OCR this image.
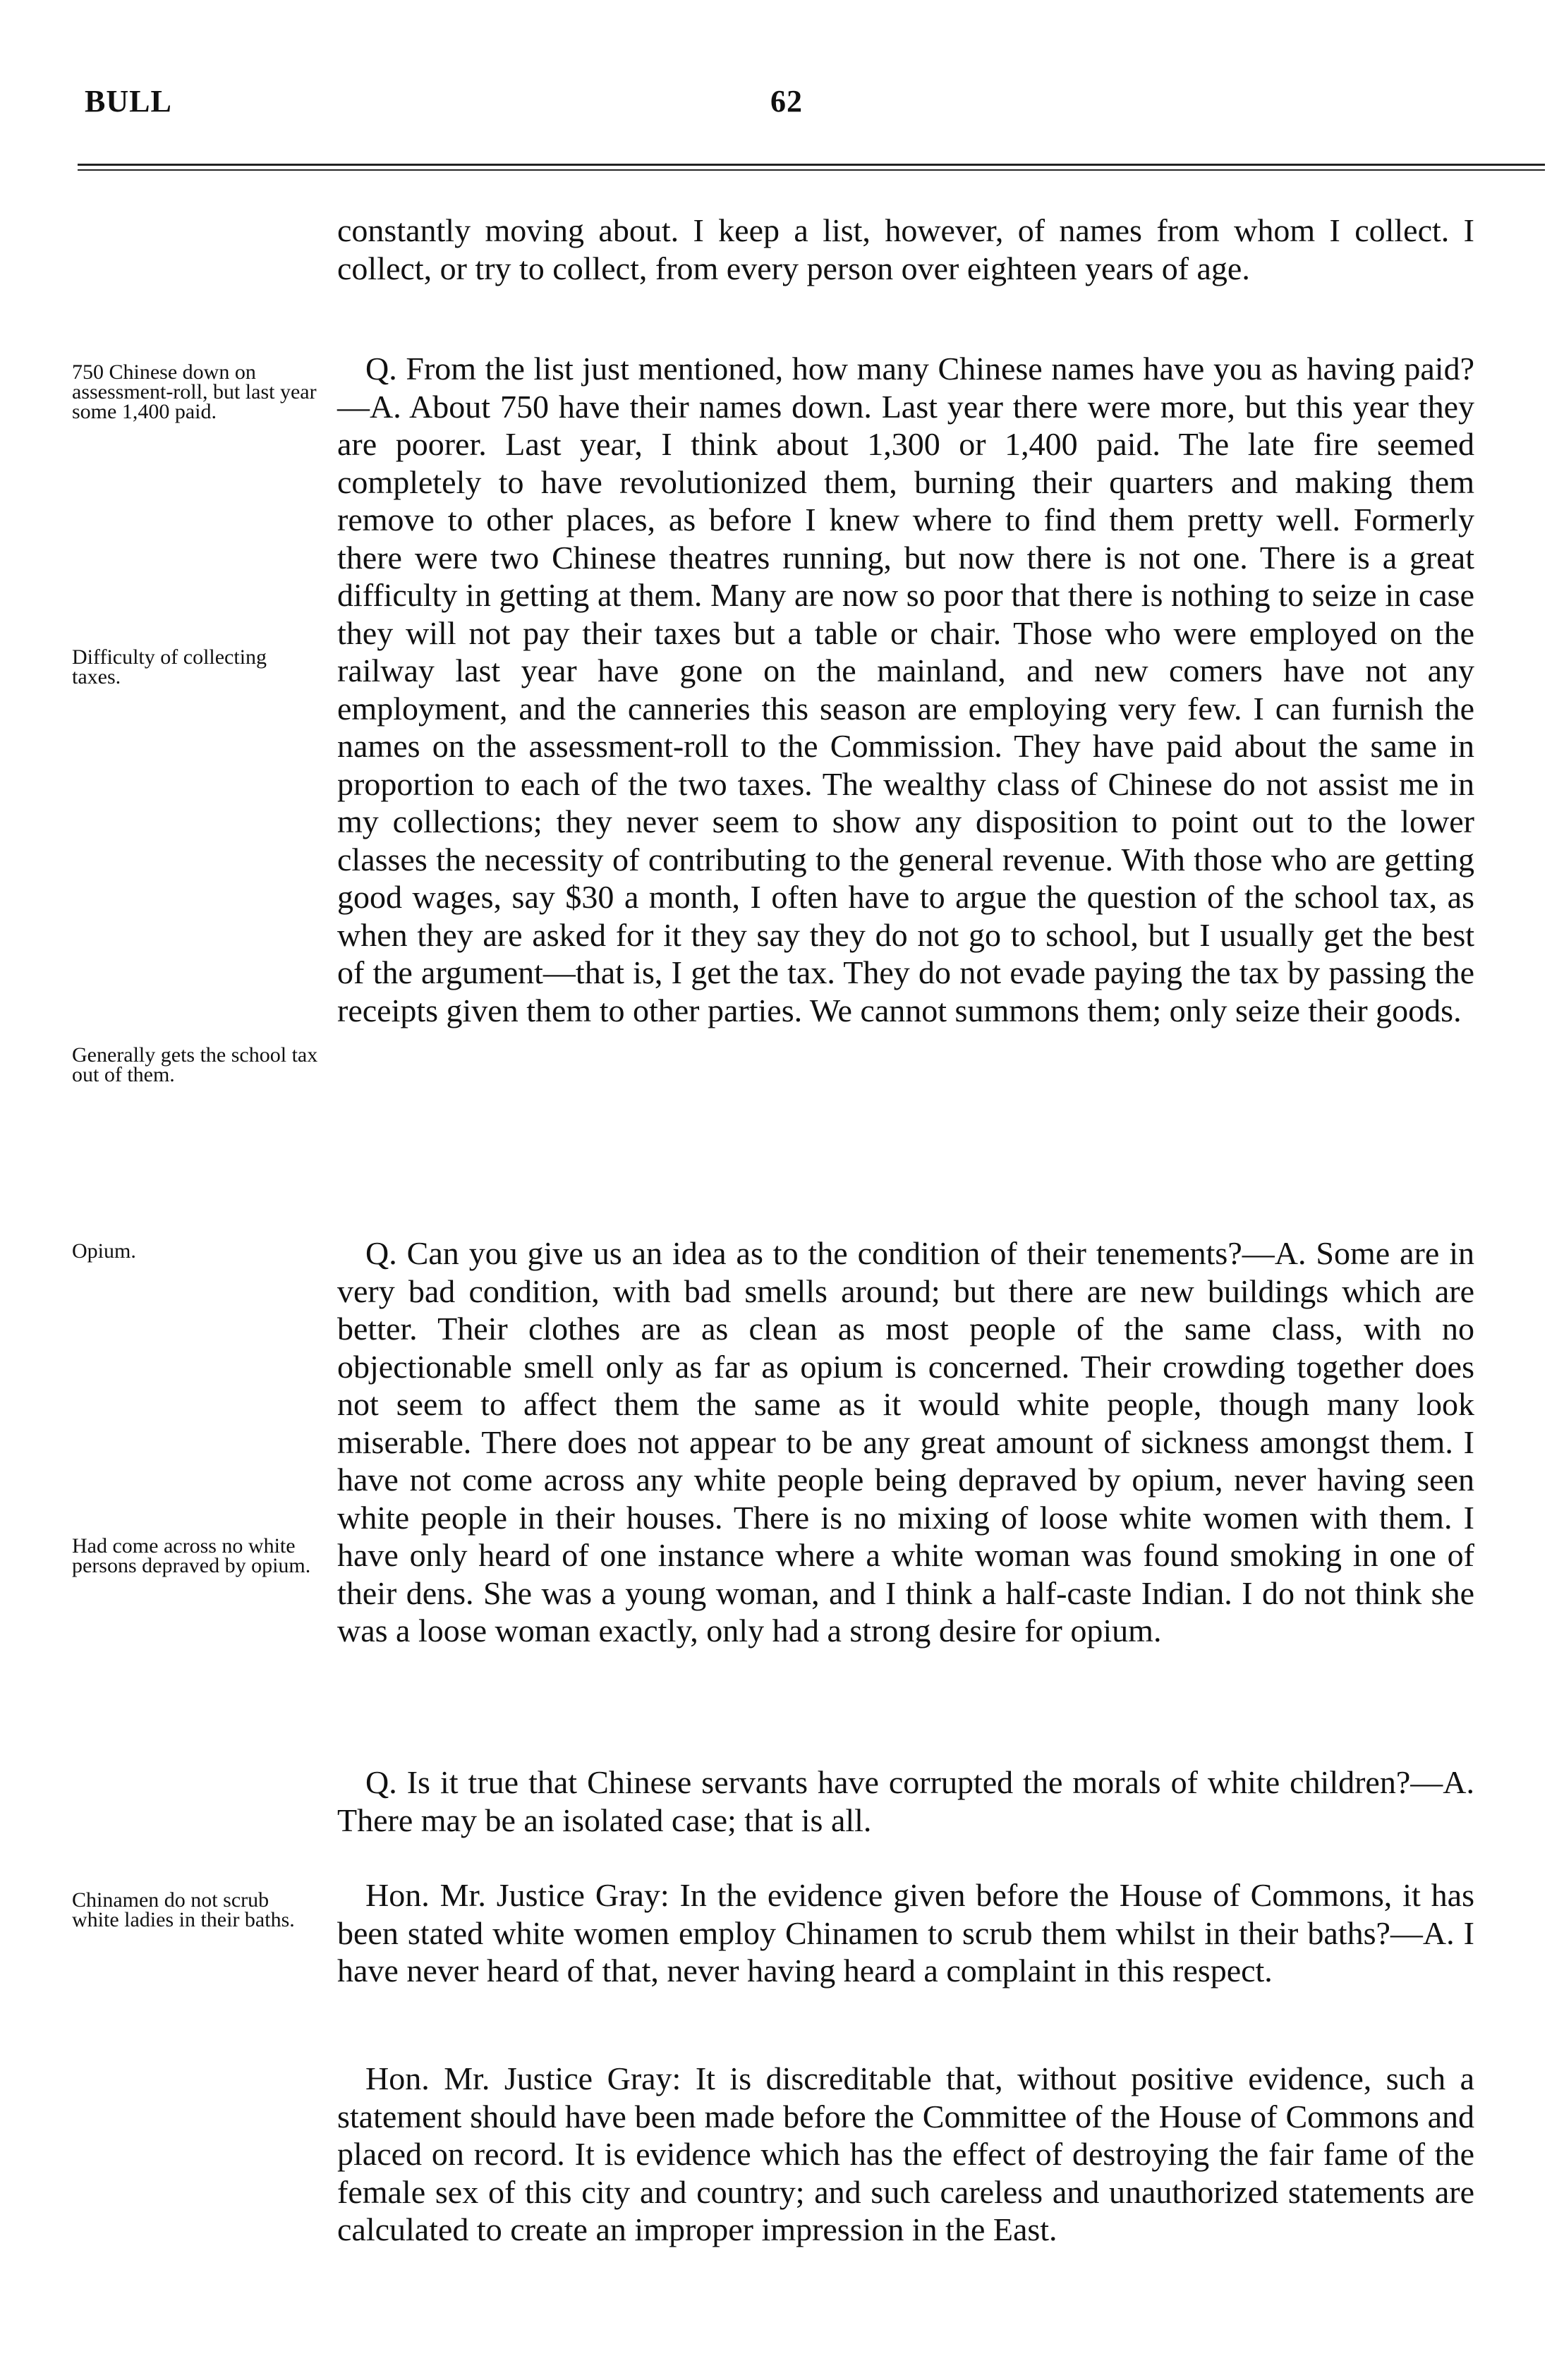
BULL	62

constantly moving about. I keep a list, however, of names from whom I collect. I collect, or try to collect, from every person over eighteen years of age.

Q. From the list just mentioned, how many Chinese names have you as having paid?—A. About 750 have their names down. Last year there were more, but this year they are poorer. Last year, I think about 1,300 or 1,400 paid. The late fire seemed completely to have revolutionized them, burning their quarters and making them remove to other places, as before I knew where to find them pretty well. Formerly there were two Chinese theatres running, but now there is not one. There is a great difficulty in getting at them. Many are now so poor that there is nothing to seize in case they will not pay their taxes but a table or chair. Those who were employed on the railway last year have gone on the mainland, and new comers have not any employment, and the canneries this season are employing very few. I can furnish the names on the assessment-roll to the Commission. They have paid about the same in proportion to each of the two taxes. The wealthy class of Chinese do not assist me in my collections; they never seem to show any disposition to point out to the lower classes the necessity of contributing to the general revenue. With those who are getting good wages, say $30 a month, I often have to argue the question of the school tax, as when they are asked for it they say they do not go to school, but I usually get the best of the argument—that is, I get the tax. They do not evade paying the tax by passing the receipts given them to other parties. We cannot summons them; only seize their goods.

Q. Can you give us an idea as to the condition of their tenements?—A. Some are in very bad condition, with bad smells around; but there are new buildings which are better. Their clothes are as clean as most people of the same class, with no objectionable smell only as far as opium is concerned. Their crowding together does not seem to affect them the same as it would white people, though many look miserable. There does not appear to be any great amount of sickness amongst them. I have not come across any white people being depraved by opium, never having seen white people in their houses. There is no mixing of loose white women with them. I have only heard of one instance where a white woman was found smoking in one of their dens. She was a young woman, and I think a half-caste Indian. I do not think she was a loose woman exactly, only had a strong desire for opium.

Q. Is it true that Chinese servants have corrupted the morals of white children?—A. There may be an isolated case; that is all.

Hon. Mr. Justice Gray: In the evidence given before the House of Commons, it has been stated white women employ Chinamen to scrub them whilst in their baths?—A. I have never heard of that, never having heard a complaint in this respect.

Hon. Mr. Justice Gray: It is discreditable that, without positive evidence, such a statement should have been made before the Committee of the House of Commons and placed on record. It is evidence which has the effect of destroying the fair fame of the female sex of this city and country; and such careless and unauthorized statements are calculated to create an improper impression in the East.

750 Chinese down on assessment-roll, but last year some 1,400 paid.

Difficulty of collecting taxes.

Generally gets the school tax out of them.

Opium.

Had come across no white persons depraved by opium.

Chinamen do not scrub white ladies in their baths.
